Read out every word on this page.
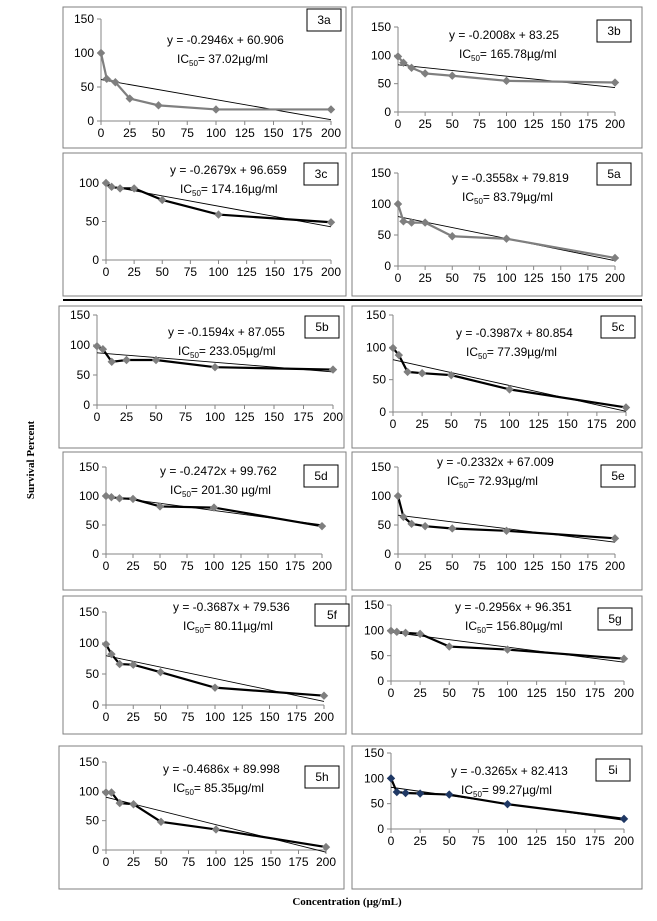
0
50
100
150
0 25 50 75 100 125 150 175 200
y = -0.2946x + 60.906
$IC_{50}= 37.02\mu g/ml$
3a
0
50
100
150
0 25 50 75 100 125 150 175 200
y = -0.2008x + 83.25
$IC_{50}= 165.78\mu g/ml$
3b
0
50
100
0 25 50 75 100 125 150 175 200
y = -0.2679x + 96.659
$IC_{50}= 174.16\mu g/ml$
3c
0
50
100
150
0 25 50 75 100 125 150 175 200
y = -0.3558x + 79.819
$IC_{50}= 83.79\mu g/ml$
5a
0
50
100
150
0 25 50 75 100 125 150 175 200
y = -0.1594x + 87.055
$IC_{50}= 233.05\mu g/ml$
5b
0
50
100
150
0 25 50 75 100 125 150 175 200
y = -0.3987x + 80.854
$IC_{50}= 77.39\mu g/ml$
5c
0
50
100
150
0 25 50 75 100 125 150 175 200
y = -0.2472x + 99.762
$IC_{50}= 201.30$ µg/ml
5d
0
50
100
150
0 25 50 75 100 125 150 175 200
y = -0.2332x + 67.009
$IC_{50}= 72.93\mu g/ml$	5e
0
50
100
150
0 25 50 75 100 125 150 175 200
y = -0.3687x + 79.536
$IC_{50}= 80.11\mu g/ml$
5f
0
50
100
150
0 25 50 75 100 125 150 175 200
y = -0.2956x + 96.351
$IC_{50}= 156.80\mu g/ml$	5g
0
50
100
150
0 25 50 75 100 125 150 175 200
y = -0.4686x + 89.998
$IC_{50}= 85.35\mu g/ml$
5h
0
50
100
150
0 25 50 75 100 125 150 175 200
y = -0.3265x + 82.413
$IC_{50}= 99.27\mu g/ml$
5i
Survival Percent
Concentration (µg/mL)
